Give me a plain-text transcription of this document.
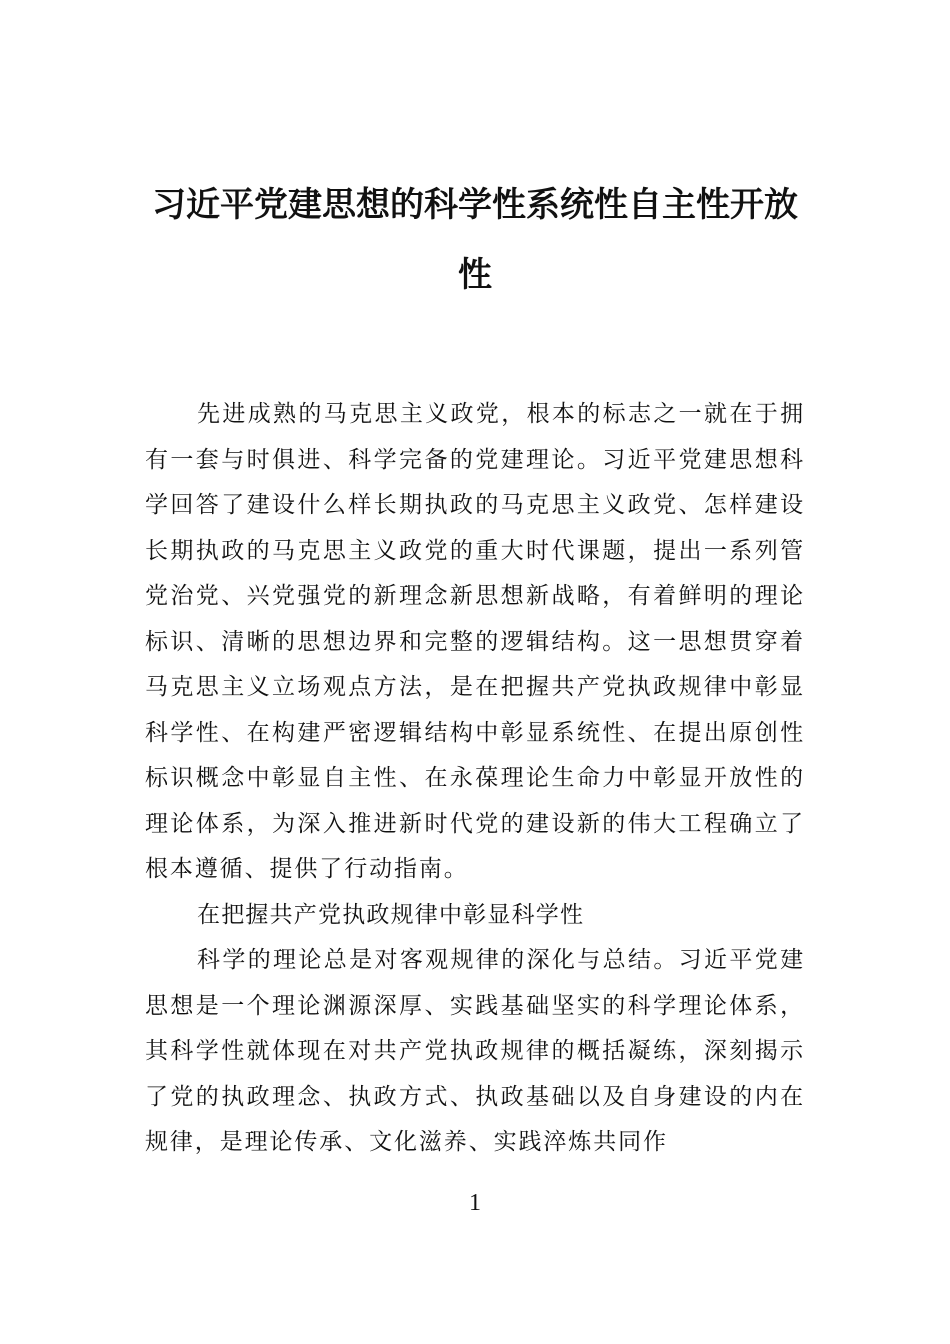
习近平党建思想的科学性系统性自主性开放性

先进成熟的马克思主义政党，根本的标志之一就在于拥有一套与时俱进、科学完备的党建理论。习近平党建思想科学回答了建设什么样长期执政的马克思主义政党、怎样建设长期执政的马克思主义政党的重大时代课题，提出一系列管党治党、兴党强党的新理念新思想新战略，有着鲜明的理论标识、清晰的思想边界和完整的逻辑结构。这一思想贯穿着马克思主义立场观点方法，是在把握共产党执政规律中彰显科学性、在构建严密逻辑结构中彰显系统性、在提出原创性标识概念中彰显自主性、在永葆理论生命力中彰显开放性的理论体系，为深入推进新时代党的建设新的伟大工程确立了根本遵循、提供了行动指南。

在把握共产党执政规律中彰显科学性

科学的理论总是对客观规律的深化与总结。习近平党建思想是一个理论渊源深厚、实践基础坚实的科学理论体系，其科学性就体现在对共产党执政规律的概括凝练，深刻揭示了党的执政理念、执政方式、执政基础以及自身建设的内在规律，是理论传承、文化滋养、实践淬炼共同作

1
